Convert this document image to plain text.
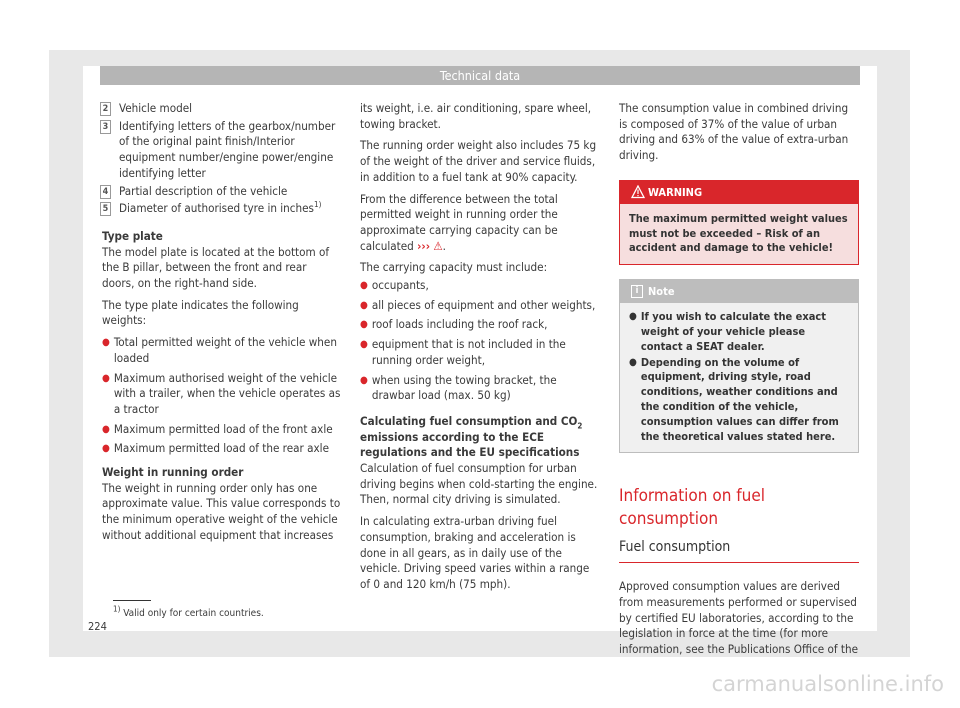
Technical data
2 Vehicle model
3 Identifying letters of the gearbox/number of the original paint finish/Interior equipment number/engine power/engine identifying letter
4 Partial description of the vehicle
5 Diameter of authorised tyre in inches$^{1)}$
Type plate

The model plate is located at the bottom of the B pillar, between the front and rear doors, on the right-hand side.

The type plate indicates the following weights:

● Total permitted weight of the vehicle when loaded
● Maximum authorised weight of the vehicle with a trailer, when the vehicle operates as a tractor
● Maximum permitted load of the front axle
● Maximum permitted load of the rear axle
Weight in running order

The weight in running order only has one approximate value. This value corresponds to the minimum operative weight of the vehicle without additional equipment that increases

its weight, i.e. air conditioning, spare wheel, towing bracket.

The running order weight also includes 75 kg of the weight of the driver and service fluids, in addition to a fuel tank at 90% capacity.

From the difference between the total permitted weight in running order the approximate carrying capacity can be calculated ››› ⚠.

The carrying capacity must include:

● occupants,
● all pieces of equipment and other weights,
● roof loads including the roof rack,
● equipment that is not included in the running order weight,
● when using the towing bracket, the drawbar load (max. 50 kg)
Calculating fuel consumption and $CO_2$ emissions according to the ECE regulations and the EU specifications

Calculation of fuel consumption for urban driving begins when cold-starting the engine. Then, normal city driving is simulated.

In calculating extra-urban driving fuel consumption, braking and acceleration is done in all gears, as in daily use of the vehicle. Driving speed varies within a range of 0 and 120 km/h (75 mph).

The consumption value in combined driving is composed of 37% of the value of urban driving and 63% of the value of extra-urban driving.

WARNING
The maximum permitted weight values must not be exceeded – Risk of an accident and damage to the vehicle!
i Note
● If you wish to calculate the exact weight of your vehicle please contact a SEAT dealer.
● Depending on the volume of equipment, driving style, road conditions, weather conditions and the condition of the vehicle, consumption values can differ from the theoretical values stated here.
Information on fuel consumption
Fuel consumption

Approved consumption values are derived from measurements performed or supervised by certified EU laboratories, according to the legislation in force at the time (for more information, see the Publications Office of the

$^{1)}$ Valid only for certain countries.
224
carmanualsonline.info
